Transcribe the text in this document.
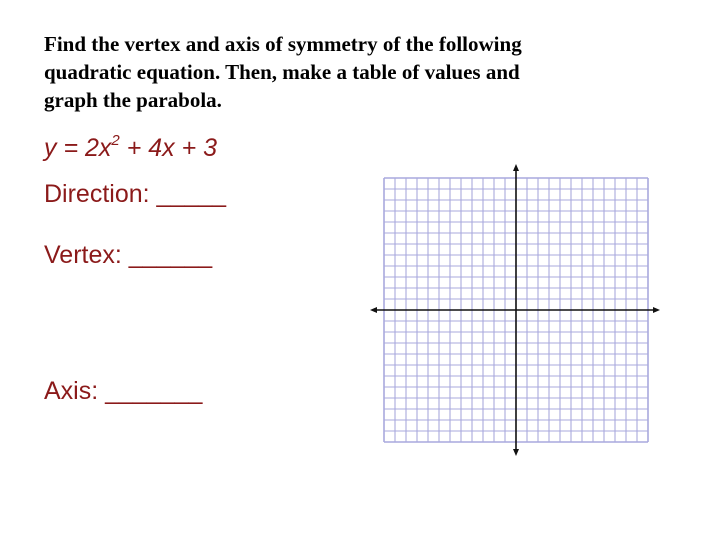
Find the vertex and axis of symmetry of the following
quadratic equation. Then, make a table of values and
graph the parabola.
$y = 2x^2 + 4x + 3$
Direction: _____
Vertex: ______
Axis: _______
